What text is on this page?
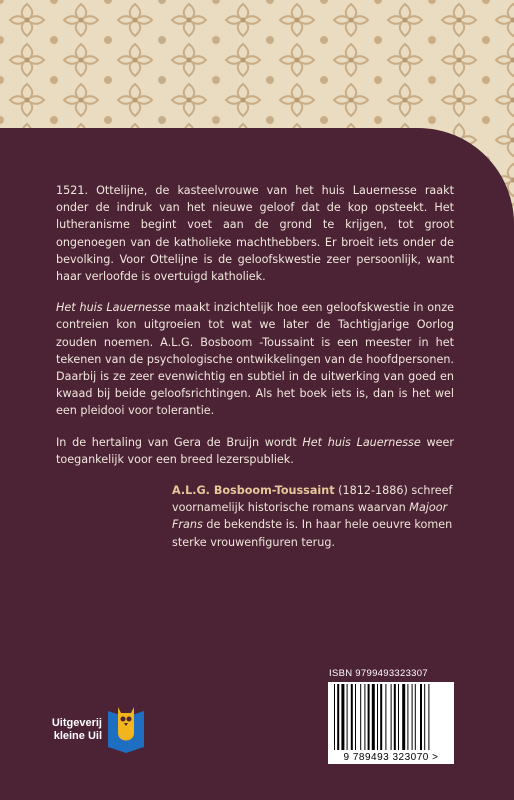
1521. Ottelijne, de kasteelvrouwe van het huis Lauernesse raakt onder de indruk van het nieuwe geloof dat de kop opsteekt. Het lutheranisme begint voet aan de grond te krijgen, tot groot ongenoegen van de katholieke machthebbers. Er broeit iets onder de bevolking. Voor Ottelijne is de geloofskwestie zeer persoonlijk, want haar verloofde is overtuigd katholiek.

Het huis Lauernesse maakt inzichtelijk hoe een geloofskwestie in onze contreien kon uitgroeien tot wat we later de Tachtigjarige Oorlog zouden noemen. A.L.G. Bosboom -Toussaint is een meester in het tekenen van de psychologische ontwikkelingen van de hoofdpersonen. Daarbij is ze zeer evenwichtig en subtiel in de uitwerking van goed en kwaad bij beide geloofsrichtingen. Als het boek iets is, dan is het wel een pleidooi voor tolerantie.

In de hertaling van Gera de Bruijn wordt Het huis Lauernesse weer toegankelijk voor een breed lezerspubliek.

A.L.G. Bosboom-Toussaint (1812-1886) schreef voornamelijk historische romans waarvan Majoor Frans de bekendste is. In haar hele oeuvre komen sterke vrouwenfiguren terug.
ISBN 9799493323307
9 789493 323070 >
Uitgeverij
kleine Uil
